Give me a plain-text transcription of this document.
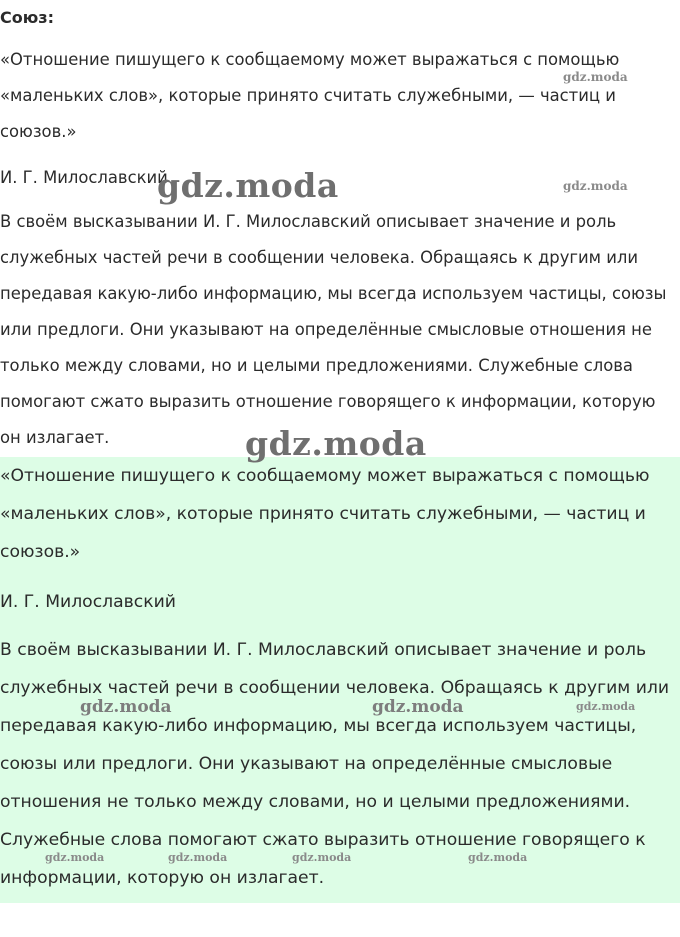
Союз:

«Отношение пишущего к сообщаемому может выражаться с помощью «маленьких слов», которые принято считать служебными, — частиц и союзов.»

И. Г. Милославский

В своём высказывании И. Г. Милославский описывает значение и роль служебных частей речи в сообщении человека. Обращаясь к другим или передавая какую-либо информацию, мы всегда используем частицы, союзы или предлоги. Они указывают на определённые смысловые отношения не только между словами, но и целыми предложениями. Служебные слова помогают сжато выразить отношение говорящего к информации, которую он излагает.

«Отношение пишущего к сообщаемому может выражаться с помощью «маленьких слов», которые принято считать служебными, — частиц и союзов.»

И. Г. Милославский

В своём высказывании И. Г. Милославский описывает значение и роль служебных частей речи в сообщении человека. Обращаясь к другим или передавая какую-либо информацию, мы всегда используем частицы, союзы или предлоги. Они указывают на определённые смысловые отношения не только между словами, но и целыми предложениями. Служебные слова помогают сжато выразить отношение говорящего к информации, которую он излагает.

gdz.moda
gdz.moda	gdz.moda
gdz.moda
gdz.moda	gdz.moda	gdz.moda
gdz.moda	gdz.moda	gdz.moda	gdz.moda
